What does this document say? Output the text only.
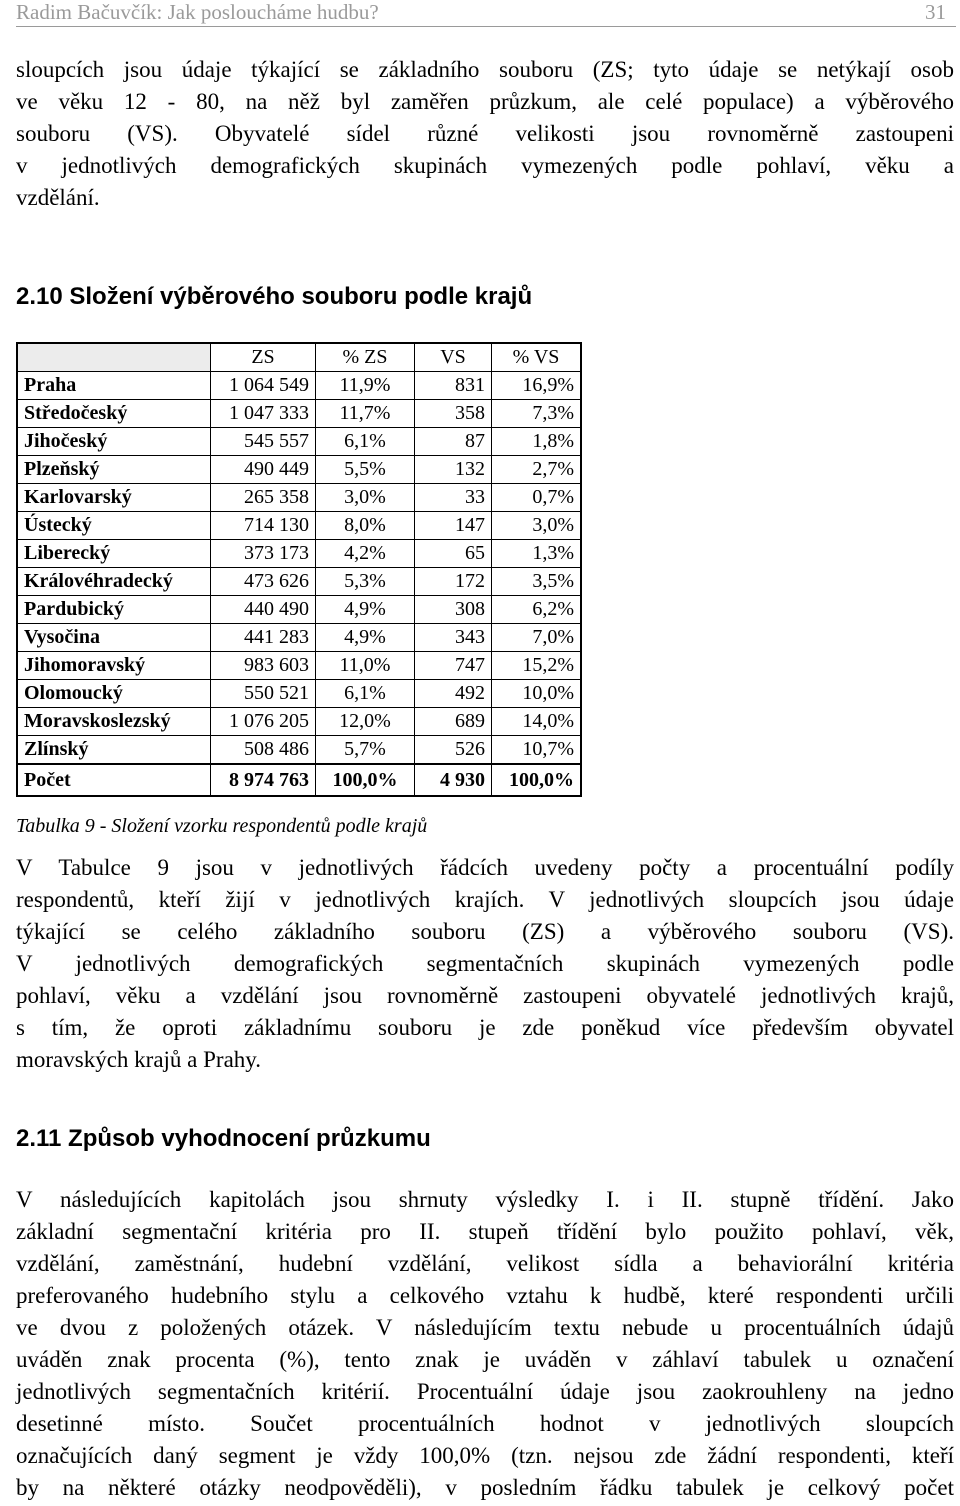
Radim Bačuvčík: Jak posloucháme hudbu?	31
sloupcích jsou údaje týkající se základního souboru (ZS; tyto údaje se netýkají osob
ve věku 12 - 80, na něž byl zaměřen průzkum, ale celé populace) a výběrového
souboru (VS). Obyvatelé sídel různé velikosti jsou rovnoměrně zastoupeni
v jednotlivých demografických skupinách vymezených podle pohlaví, věku a
vzdělání.
2.10 Složení výběrového souboru podle krajů
	ZS	% ZS	VS	% VS
Praha	1 064 549	11,9%	831	16,9%
Středočeský	1 047 333	11,7%	358	7,3%
Jihočeský	545 557	6,1%	87	1,8%
Plzeňský	490 449	5,5%	132	2,7%
Karlovarský	265 358	3,0%	33	0,7%
Ústecký	714 130	8,0%	147	3,0%
Liberecký	373 173	4,2%	65	1,3%
Královéhradecký	473 626	5,3%	172	3,5%
Pardubický	440 490	4,9%	308	6,2%
Vysočina	441 283	4,9%	343	7,0%
Jihomoravský	983 603	11,0%	747	15,2%
Olomoucký	550 521	6,1%	492	10,0%
Moravskoslezský	1 076 205	12,0%	689	14,0%
Zlínský	508 486	5,7%	526	10,7%
Počet	8 974 763	100,0%	4 930	100,0%
Tabulka 9 - Složení vzorku respondentů podle krajů
V Tabulce 9 jsou v jednotlivých řádcích uvedeny počty a procentuální podíly
respondentů, kteří žijí v jednotlivých krajích. V jednotlivých sloupcích jsou údaje
týkající se celého základního souboru (ZS) a výběrového souboru (VS).
V jednotlivých demografických segmentačních skupinách vymezených podle
pohlaví, věku a vzdělání jsou rovnoměrně zastoupeni obyvatelé jednotlivých krajů,
s tím, že oproti základnímu souboru je zde poněkud více především obyvatel
moravských krajů a Prahy.
2.11 Způsob vyhodnocení průzkumu
V následujících kapitolách jsou shrnuty výsledky I. i II. stupně třídění. Jako
základní segmentační kritéria pro II. stupeň třídění bylo použito pohlaví, věk,
vzdělání, zaměstnání, hudební vzdělání, velikost sídla a behaviorální kritéria
preferovaného hudebního stylu a celkového vztahu k hudbě, které respondenti určili
ve dvou z položených otázek. V následujícím textu nebude u procentuálních údajů
uváděn znak procenta (%), tento znak je uváděn v záhlaví tabulek u označení
jednotlivých segmentačních kritérií. Procentuální údaje jsou zaokrouhleny na jedno
desetinné místo. Součet procentuálních hodnot v jednotlivých sloupcích
označujících daný segment je vždy 100,0% (tzn. nejsou zde žádní respondenti, kteří
by na některé otázky neodpověděli), v posledním řádku tabulek je celkový počet
